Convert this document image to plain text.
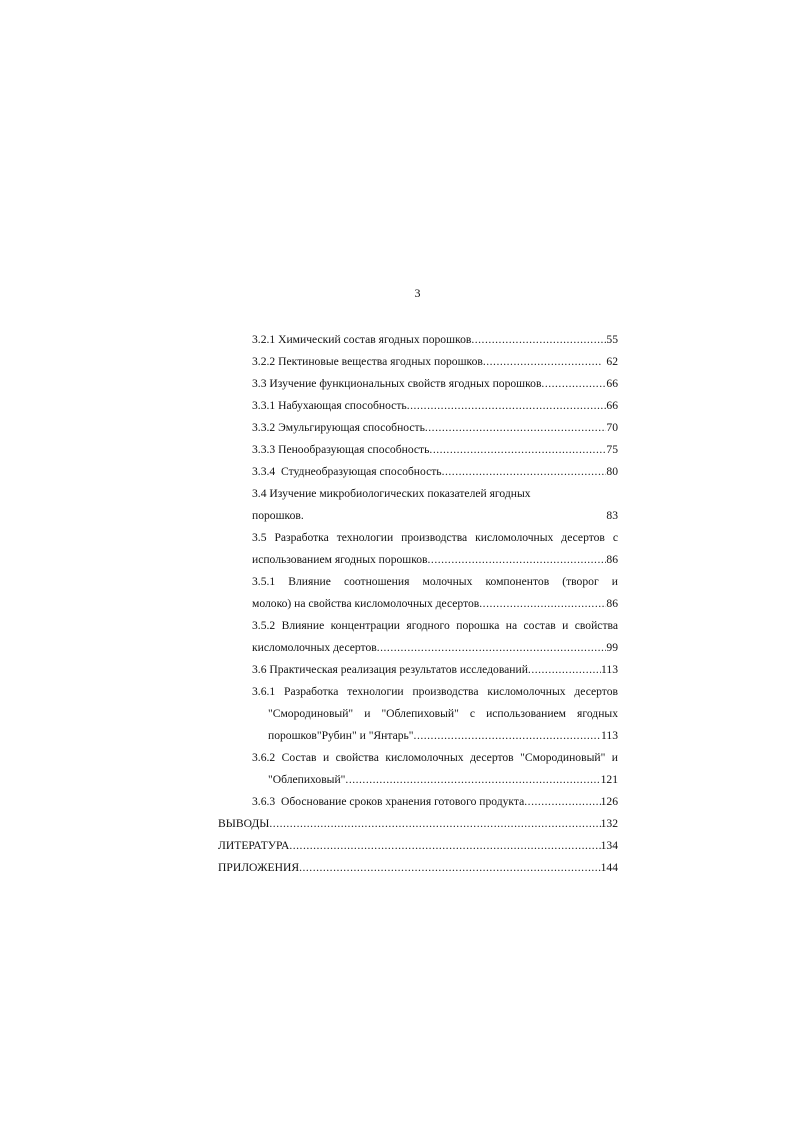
3
3.2.1 Химический состав ягодных порошков .....	55
3.2.2 Пектиновые вещества ягодных порошков .....	62
3.3 Изучение функциональных свойств ягодных порошков .....	66
3.3.1 Набухающая способность .....	66
3.3.2 Эмульгирующая способность .....	70
3.3.3 Пенообразующая способность .....	75
3.3.4  Студнеобразующая способность .....	80
3.4 Изучение микробиологических показателей ягодных
порошков.	83
3.5 Разработка технологии производства кисломолочных десертов с
использованием ягодных порошков .....	86
3.5.1 Влияние соотношения молочных компонентов (творог и
молоко) на свойства кисломолочных десертов .....	86
3.5.2 Влияние концентрации ягодного порошка на состав и свойства
кисломолочных десертов .....	99
3.6 Практическая реализация результатов исследований .....	113
3.6.1 Разработка технологии производства кисломолочных десертов
"Смородиновый" и "Облепиховый" с использованием ягодных
порошков"Рубин" и "Янтарь" .....	113
3.6.2 Состав и свойства кисломолочных десертов "Смородиновый" и
"Облепиховый" .....	121
3.6.3  Обоснование сроков хранения готового продукта .....	126
ВЫВОДЫ .....	132
ЛИТЕРАТУРА .....	134
ПРИЛОЖЕНИЯ .....	144
